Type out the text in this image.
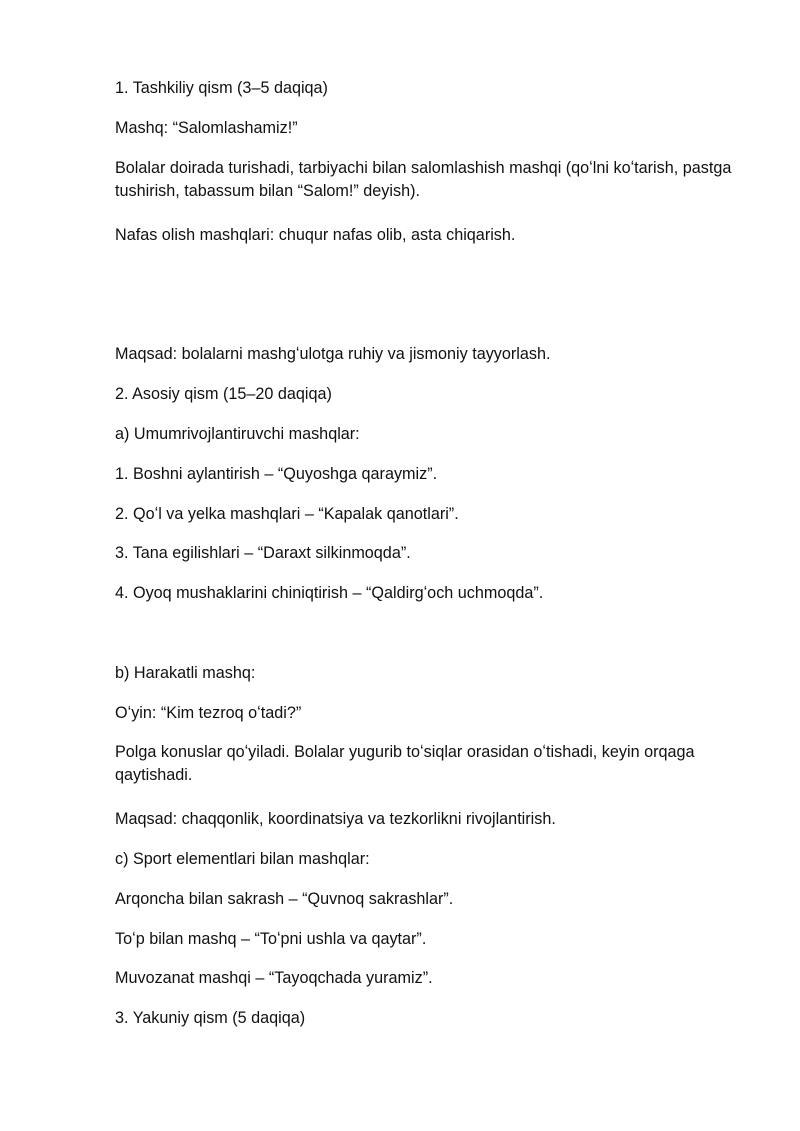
1. Tashkiliy qism (3–5 daqiqa)

Mashq: “Salomlashamiz!”

Bolalar doirada turishadi, tarbiyachi bilan salomlashish mashqi (qoʻlni koʻtarish, pastga tushirish, tabassum bilan “Salom!” deyish).

Nafas olish mashqlari: chuqur nafas olib, asta chiqarish.

Maqsad: bolalarni mashgʻulotga ruhiy va jismoniy tayyorlash.

2. Asosiy qism (15–20 daqiqa)

a) Umumrivojlantiruvchi mashqlar:

1. Boshni aylantirish – “Quyoshga qaraymiz”.

2. Qoʻl va yelka mashqlari – “Kapalak qanotlari”.

3. Tana egilishlari – “Daraxt silkinmoqda”.

4. Oyoq mushaklarini chiniqtirish – “Qaldirgʻoch uchmoqda”.

b) Harakatli mashq:

Oʻyin: “Kim tezroq oʻtadi?”

Polga konuslar qoʻyiladi. Bolalar yugurib toʻsiqlar orasidan oʻtishadi, keyin orqaga qaytishadi.

Maqsad: chaqqonlik, koordinatsiya va tezkorlikni rivojlantirish.

c) Sport elementlari bilan mashqlar:

Arqoncha bilan sakrash – “Quvnoq sakrashlar”.

Toʻp bilan mashq – “Toʻpni ushla va qaytar”.

Muvozanat mashqi – “Tayoqchada yuramiz”.

3. Yakuniy qism (5 daqiqa)
